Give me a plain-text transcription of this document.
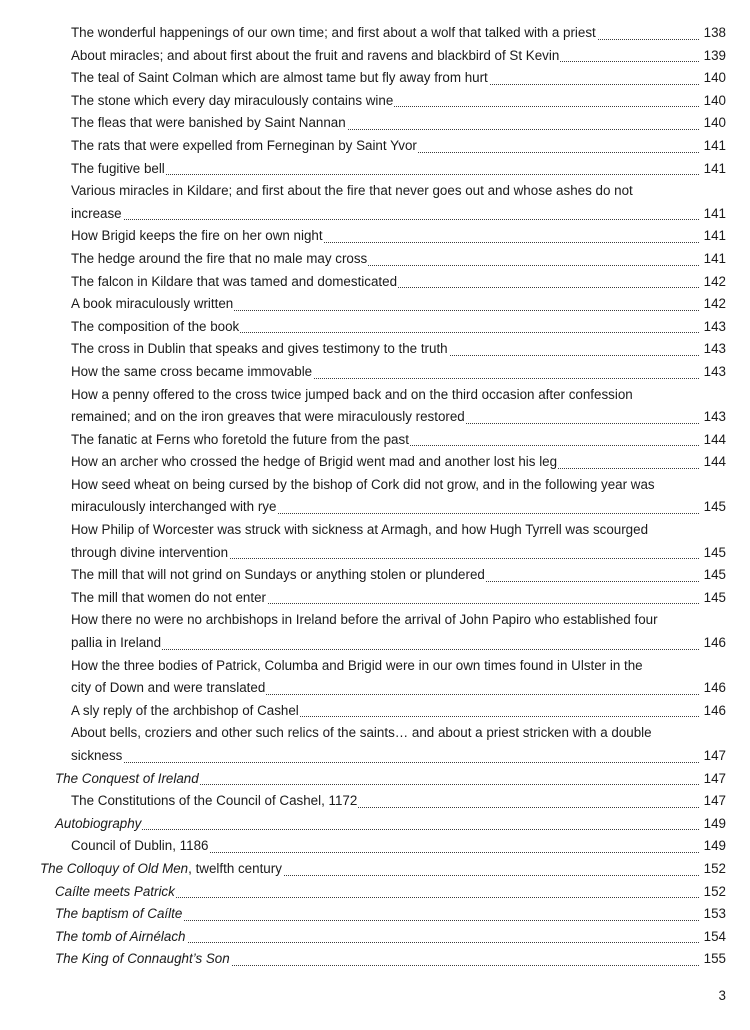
The wonderful happenings of our own time; and first about a wolf that talked with a priest	138
About miracles; and about first about the fruit and ravens and blackbird of St Kevin	139
The teal of Saint Colman which are almost tame but fly away from hurt	140
The stone which every day miraculously contains wine	140
The fleas that were banished by Saint Nannan	140
The rats that were expelled from Ferneginan by Saint Yvor	141
The fugitive bell	141
Various miracles in Kildare; and first about the fire that never goes out and whose ashes do not
increase	141
How Brigid keeps the fire on her own night	141
The hedge around the fire that no male may cross	141
The falcon in Kildare that was tamed and domesticated	142
A book miraculously written	142
The composition of the book	143
The cross in Dublin that speaks and gives testimony to the truth	143
How the same cross became immovable	143
How a penny offered to the cross twice jumped back and on the third occasion after confession
remained; and on the iron greaves that were miraculously restored	143
The fanatic at Ferns who foretold the future from the past	144
How an archer who crossed the hedge of Brigid went mad and another lost his leg	144
How seed wheat on being cursed by the bishop of Cork did not grow, and in the following year was
miraculously interchanged with rye	145
How Philip of Worcester was struck with sickness at Armagh, and how Hugh Tyrrell was scourged
through divine intervention	145
The mill that will not grind on Sundays or anything stolen or plundered	145
The mill that women do not enter	145
How there no were no archbishops in Ireland before the arrival of John Papiro who established four
pallia in Ireland	146
How the three bodies of Patrick, Columba and Brigid were in our own times found in Ulster in the
city of Down and were translated	146
A sly reply of the archbishop of Cashel	146
About bells, croziers and other such relics of the saints… and about a priest stricken with a double
sickness	147
The Conquest of Ireland	147
The Constitutions of the Council of Cashel, 1172	147
Autobiography	149
Council of Dublin, 1186	149
The Colloquy of Old Men, twelfth century	152
Caílte meets Patrick	152
The baptism of Caílte	153
The tomb of Airnélach	154
The King of Connaught’s Son	155
3
